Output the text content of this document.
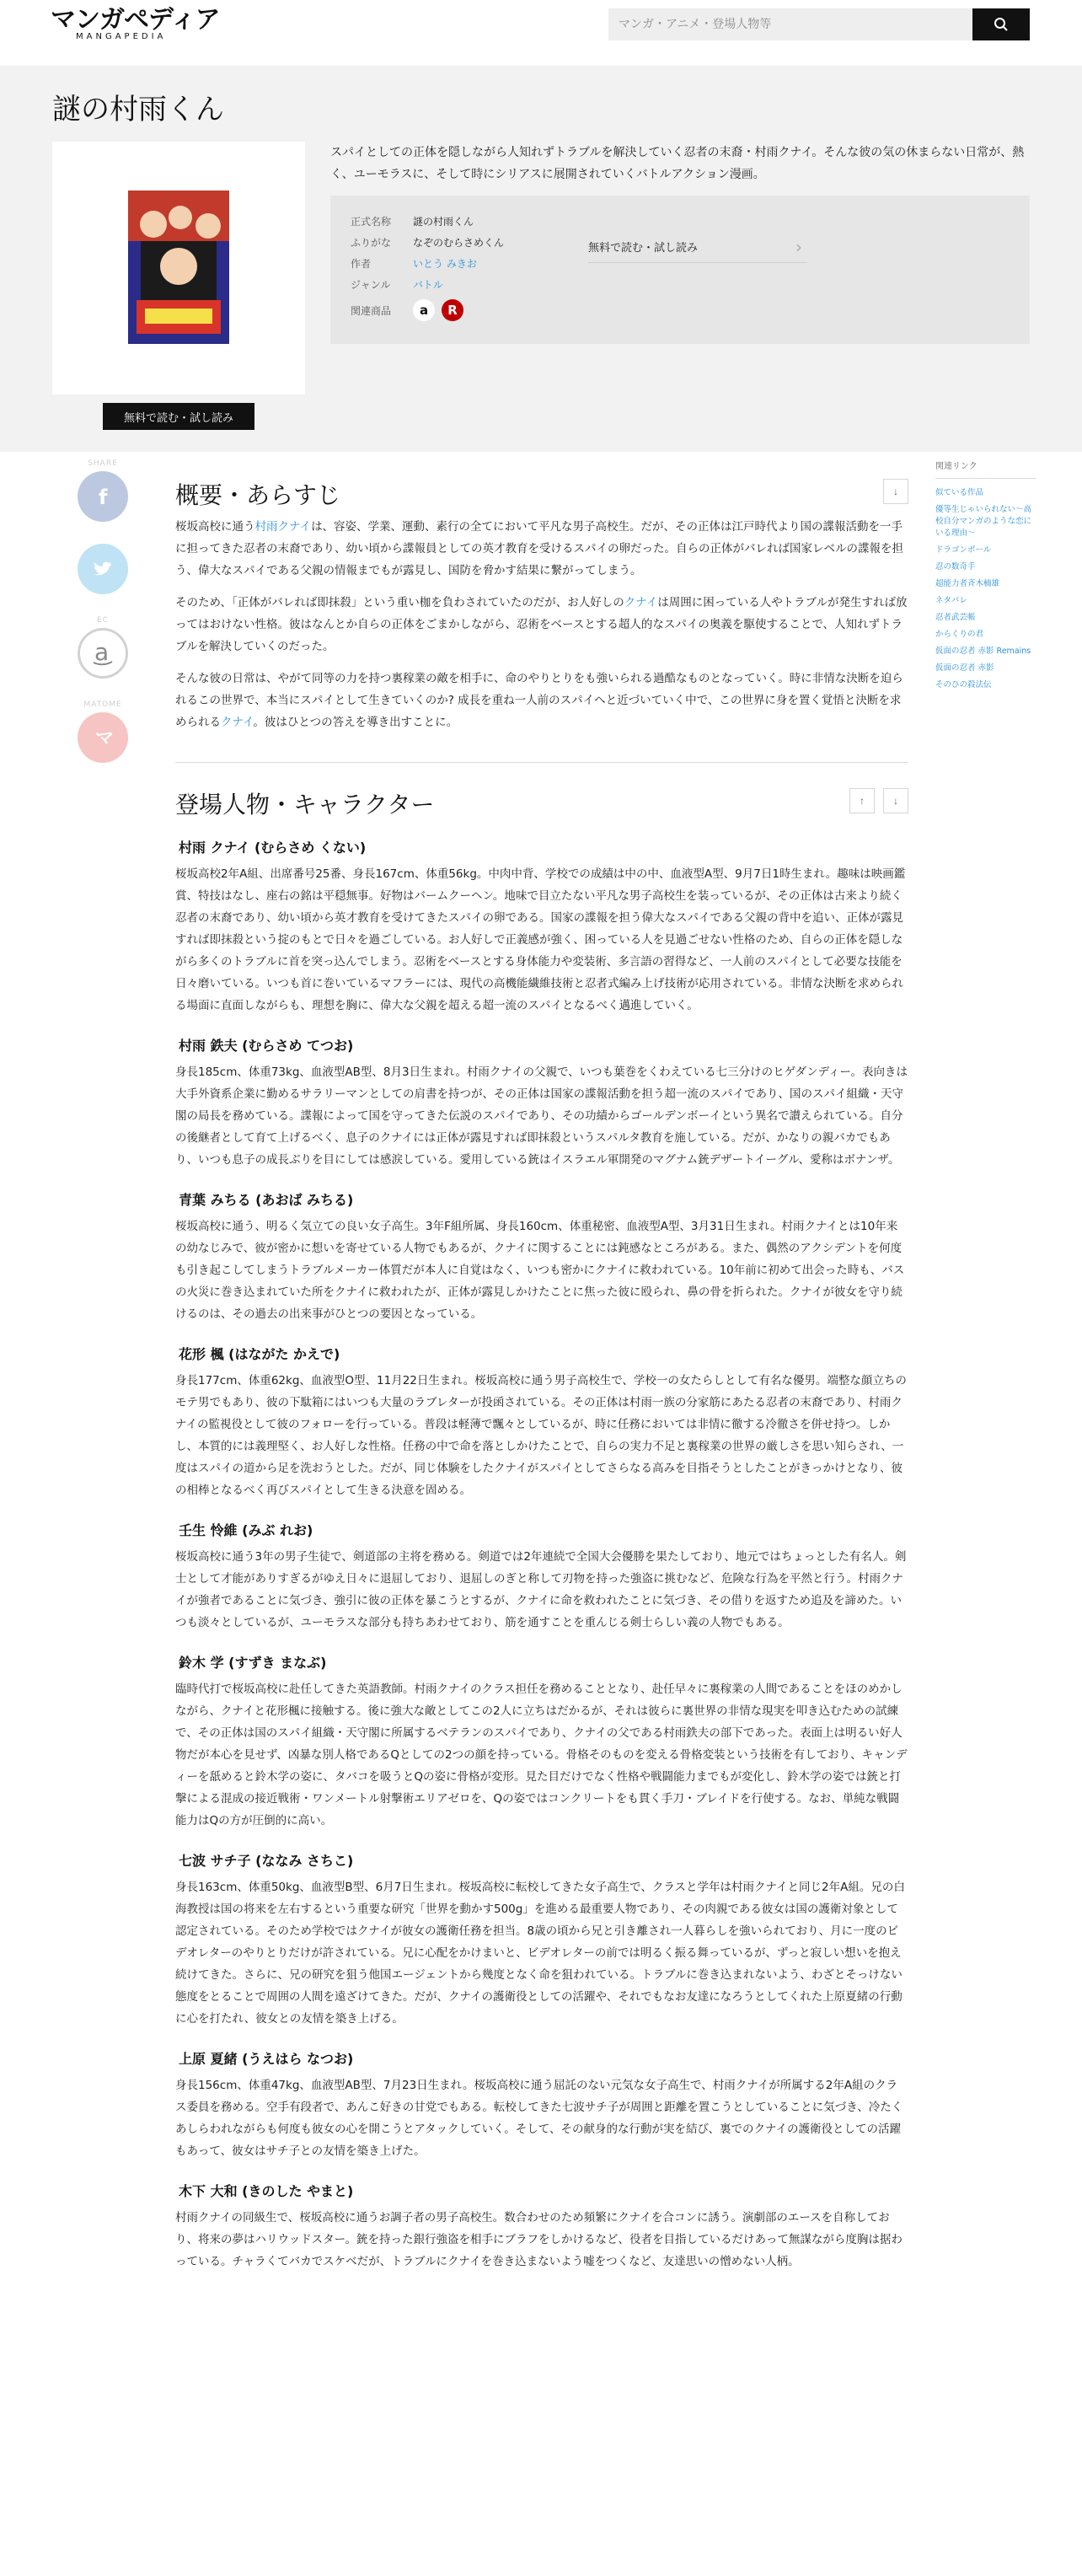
マンガペディア
MANGAPEDIA
マンガ・アニメ・登場人物等
謎の村雨くん
無料で読む・試し読み

スパイとしての正体を隠しながら人知れずトラブルを解決していく忍者の末裔・村雨クナイ。そんな彼の気の休まらない日常が、熱く、ユーモラスに、そして時にシリアスに展開されていくバトルアクション漫画。

正式名称	謎の村雨くん
ふりがな	なぞのむらさめくん
作者	いとう みきお
ジャンル	バトル
関連商品	a	R
無料で読む・試し読み	›
SHARE
f
EC
a
MATOME
マ
概要・あらすじ	↓

桜坂高校に通う村雨クナイは、容姿、学業、運動、素行の全てにおいて平凡な男子高校生。だが、その正体は江戸時代より国の諜報活動を一手に担ってきた忍者の末裔であり、幼い頃から諜報員としての英才教育を受けるスパイの卵だった。自らの正体がバレれば国家レベルの諜報を担う、偉大なスパイである父親の情報までもが露見し、国防を脅かす結果に繋がってしまう。

そのため、「正体がバレれば即抹殺」という重い枷を負わされていたのだが、お人好しのクナイは周囲に困っている人やトラブルが発生すれば放ってはおけない性格。彼はなんとか自らの正体をごまかしながら、忍術をベースとする超人的なスパイの奥義を駆使することで、人知れずトラブルを解決していくのだった。

そんな彼の日常は、やがて同等の力を持つ裏稼業の敵を相手に、命のやりとりをも強いられる過酷なものとなっていく。時に非情な決断を迫られるこの世界で、本当にスパイとして生きていくのか? 成長を重ね一人前のスパイへと近づいていく中で、この世界に身を置く覚悟と決断を求められるクナイ。彼はひとつの答えを導き出すことに。

登場人物・キャラクター	↑	↓
村雨 クナイ (むらさめ くない)

桜坂高校2年A組、出席番号25番、身長167cm、体重56kg。中肉中背、学校での成績は中の中、血液型A型、9月7日1時生まれ。趣味は映画鑑賞、特技はなし、座右の銘は平穏無事。好物はバームクーヘン。地味で目立たない平凡な男子高校生を装っているが、その正体は古来より続く忍者の末裔であり、幼い頃から英才教育を受けてきたスパイの卵である。国家の諜報を担う偉大なスパイである父親の背中を追い、正体が露見すれば即抹殺という掟のもとで日々を過ごしている。お人好しで正義感が強く、困っている人を見過ごせない性格のため、自らの正体を隠しながら多くのトラブルに首を突っ込んでしまう。忍術をベースとする身体能力や変装術、多言語の習得など、一人前のスパイとして必要な技能を日々磨いている。いつも首に巻いているマフラーには、現代の高機能繊維技術と忍者式編み上げ技術が応用されている。非情な決断を求められる場面に直面しながらも、理想を胸に、偉大な父親を超える超一流のスパイとなるべく邁進していく。

村雨 鉄夫 (むらさめ てつお)

身長185cm、体重73kg、血液型AB型、8月3日生まれ。村雨クナイの父親で、いつも葉巻をくわえている七三分けのヒゲダンディー。表向きは大手外資系企業に勤めるサラリーマンとしての肩書を持つが、その正体は国家の諜報活動を担う超一流のスパイであり、国のスパイ組織・天守閣の局長を務めている。諜報によって国を守ってきた伝説のスパイであり、その功績からゴールデンボーイという異名で讃えられている。自分の後継者として育て上げるべく、息子のクナイには正体が露見すれば即抹殺というスパルタ教育を施している。だが、かなりの親バカでもあり、いつも息子の成長ぶりを目にしては感涙している。愛用している銃はイスラエル軍開発のマグナム銃デザートイーグル、愛称はボナンザ。

青葉 みちる (あおば みちる)

桜坂高校に通う、明るく気立ての良い女子高生。3年F組所属、身長160cm、体重秘密、血液型A型、3月31日生まれ。村雨クナイとは10年来の幼なじみで、彼が密かに想いを寄せている人物でもあるが、クナイに関することには鈍感なところがある。また、偶然のアクシデントを何度も引き起こしてしまうトラブルメーカー体質だが本人に自覚はなく、いつも密かにクナイに救われている。10年前に初めて出会った時も、バスの火災に巻き込まれていた所をクナイに救われたが、正体が露見しかけたことに焦った彼に殴られ、鼻の骨を折られた。クナイが彼女を守り続けるのは、その過去の出来事がひとつの要因となっている。

花形 楓 (はながた かえで)

身長177cm、体重62kg、血液型O型、11月22日生まれ。桜坂高校に通う男子高校生で、学校一の女たらしとして有名な優男。端整な顔立ちのモテ男でもあり、彼の下駄箱にはいつも大量のラブレターが投函されている。その正体は村雨一族の分家筋にあたる忍者の末裔であり、村雨クナイの監視役として彼のフォローを行っている。普段は軽薄で飄々としているが、時に任務においては非情に徹する冷徹さを併せ持つ。しかし、本質的には義理堅く、お人好しな性格。任務の中で命を落としかけたことで、自らの実力不足と裏稼業の世界の厳しさを思い知らされ、一度はスパイの道から足を洗おうとした。だが、同じ体験をしたクナイがスパイとしてさらなる高みを目指そうとしたことがきっかけとなり、彼の相棒となるべく再びスパイとして生きる決意を固める。

壬生 怜維 (みぶ れお)

桜坂高校に通う3年の男子生徒で、剣道部の主将を務める。剣道では2年連続で全国大会優勝を果たしており、地元ではちょっとした有名人。剣士として才能がありすぎるがゆえ日々に退屈しており、退屈しのぎと称して刃物を持った強盗に挑むなど、危険な行為を平然と行う。村雨クナイが強者であることに気づき、強引に彼の正体を暴こうとするが、クナイに命を救われたことに気づき、その借りを返すため追及を諦めた。いつも淡々としているが、ユーモラスな部分も持ちあわせており、筋を通すことを重んじる剣士らしい義の人物でもある。

鈴木 学 (すずき まなぶ)

臨時代打で桜坂高校に赴任してきた英語教師。村雨クナイのクラス担任を務めることとなり、赴任早々に裏稼業の人間であることをほのめかしながら、クナイと花形楓に接触する。後に強大な敵としてこの2人に立ちはだかるが、それは彼らに裏世界の非情な現実を叩き込むための試練で、その正体は国のスパイ組織・天守閣に所属するベテランのスパイであり、クナイの父である村雨鉄夫の部下であった。表面上は明るい好人物だが本心を見せず、凶暴な別人格であるQとしての2つの顔を持っている。骨格そのものを変える骨格変装という技術を有しており、キャンディーを舐めると鈴木学の姿に、タバコを吸うとQの姿に骨格が変形。見た目だけでなく性格や戦闘能力までもが変化し、鈴木学の姿では銃と打撃による混成の接近戦術・ワンメートル射撃術エリアゼロを、Qの姿ではコンクリートをも貫く手刀・ブレイドを行使する。なお、単純な戦闘能力はQの方が圧倒的に高い。

七波 サチ子 (ななみ さちこ)

身長163cm、体重50kg、血液型B型、6月7日生まれ。桜坂高校に転校してきた女子高生で、クラスと学年は村雨クナイと同じ2年A組。兄の白海教授は国の将来を左右するという重要な研究「世界を動かす500g」を進める最重要人物であり、その肉親である彼女は国の護衛対象として認定されている。そのため学校ではクナイが彼女の護衛任務を担当。8歳の頃から兄と引き離され一人暮らしを強いられており、月に一度のビデオレターのやりとりだけが許されている。兄に心配をかけまいと、ビデオレターの前では明るく振る舞っているが、ずっと寂しい想いを抱え続けてきた。さらに、兄の研究を狙う他国エージェントから幾度となく命を狙われている。トラブルに巻き込まれないよう、わざとそっけない態度をとることで周囲の人間を遠ざけてきた。だが、クナイの護衛役としての活躍や、それでもなお友達になろうとしてくれた上原夏緒の行動に心を打たれ、彼女との友情を築き上げる。

上原 夏緒 (うえはら なつお)

身長156cm、体重47kg、血液型AB型、7月23日生まれ。桜坂高校に通う屈託のない元気な女子高生で、村雨クナイが所属する2年A組のクラス委員を務める。空手有段者で、あんこ好きの甘党でもある。転校してきた七波サチ子が周囲と距離を置こうとしていることに気づき、冷たくあしらわれながらも何度も彼女の心を開こうとアタックしていく。そして、その献身的な行動が実を結び、裏でのクナイの護衛役としての活躍もあって、彼女はサチ子との友情を築き上げた。

木下 大和 (きのした やまと)

村雨クナイの同級生で、桜坂高校に通うお調子者の男子高校生。数合わせのため頻繁にクナイを合コンに誘う。演劇部のエースを自称しており、将来の夢はハリウッドスター。銃を持った銀行強盗を相手にブラフをしかけるなど、役者を目指しているだけあって無謀ながら度胸は据わっている。チャラくてバカでスケベだが、トラブルにクナイを巻き込まないよう嘘をつくなど、友達思いの憎めない人柄。

関連リンク
似ている作品
優等生じゃいられない〜高校自分マンガのような恋にいる理由〜
ドラゴンボール
忍の数奇手
超能力者斉木楠雄
ネタバレ
忍者武芸帳
からくりの君
仮面の忍者 赤影 Remains
仮面の忍者 赤影
そのひの殺法伝
